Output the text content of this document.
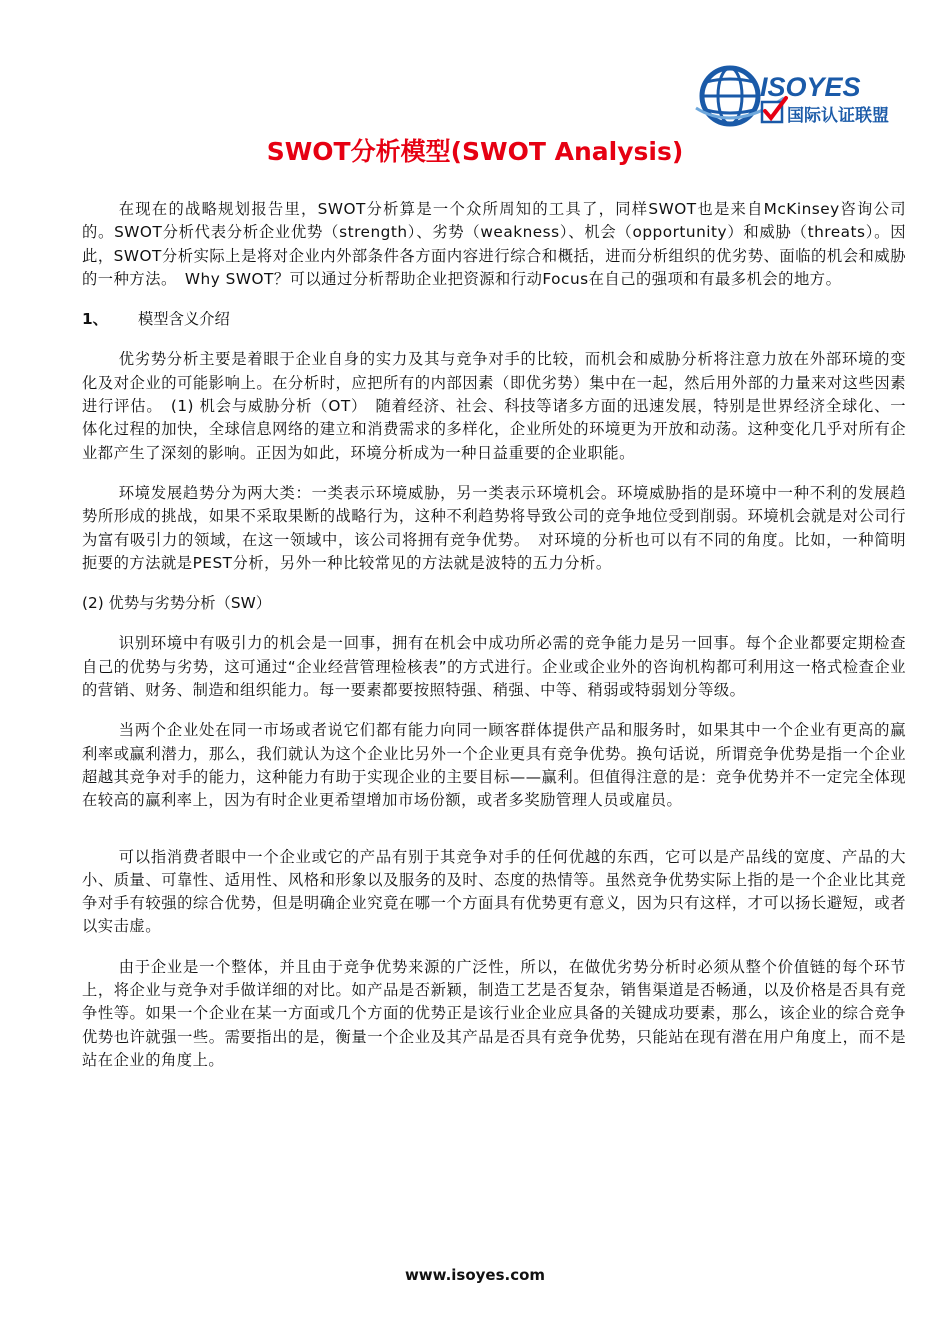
ISOYES
国际认证联盟
SWOT分析模型(SWOT Analysis)

在现在的战略规划报告里，SWOT分析算是一个众所周知的工具了，同样SWOT也是来自McKinsey咨询公司的。SWOT分析代表分析企业优势（strength）、劣势（weakness）、机会（opportunity）和威胁（threats）。因此，SWOT分析实际上是将对企业内外部条件各方面内容进行综合和概括，进而分析组织的优劣势、面临的机会和威胁的一种方法。　Why SWOT？可以通过分析帮助企业把资源和行动Focus在自己的强项和有最多机会的地方。

1、 模型含义介绍

优劣势分析主要是着眼于企业自身的实力及其与竞争对手的比较，而机会和威胁分析将注意力放在外部环境的变化及对企业的可能影响上。在分析时，应把所有的内部因素（即优劣势）集中在一起，然后用外部的力量来对这些因素进行评估。　(1) 机会与威胁分析（OT）　随着经济、社会、科技等诸多方面的迅速发展，特别是世界经济全球化、一体化过程的加快，全球信息网络的建立和消费需求的多样化，企业所处的环境更为开放和动荡。这种变化几乎对所有企业都产生了深刻的影响。正因为如此，环境分析成为一种日益重要的企业职能。

环境发展趋势分为两大类：一类表示环境威胁，另一类表示环境机会。环境威胁指的是环境中一种不利的发展趋势所形成的挑战，如果不采取果断的战略行为，这种不利趋势将导致公司的竞争地位受到削弱。环境机会就是对公司行为富有吸引力的领域，在这一领域中，该公司将拥有竞争优势。　对环境的分析也可以有不同的角度。比如，一种简明扼要的方法就是PEST分析，另外一种比较常见的方法就是波特的五力分析。

(2) 优势与劣势分析（SW）

识别环境中有吸引力的机会是一回事，拥有在机会中成功所必需的竞争能力是另一回事。每个企业都要定期检查自己的优势与劣势，这可通过“企业经营管理检核表”的方式进行。企业或企业外的咨询机构都可利用这一格式检查企业的营销、财务、制造和组织能力。每一要素都要按照特强、稍强、中等、稍弱或特弱划分等级。

当两个企业处在同一市场或者说它们都有能力向同一顾客群体提供产品和服务时，如果其中一个企业有更高的赢利率或赢利潜力，那么，我们就认为这个企业比另外一个企业更具有竞争优势。换句话说，所谓竞争优势是指一个企业超越其竞争对手的能力，这种能力有助于实现企业的主要目标——赢利。但值得注意的是：竞争优势并不一定完全体现在较高的赢利率上，因为有时企业更希望增加市场份额，或者多奖励管理人员或雇员。

可以指消费者眼中一个企业或它的产品有别于其竞争对手的任何优越的东西，它可以是产品线的宽度、产品的大小、质量、可靠性、适用性、风格和形象以及服务的及时、态度的热情等。虽然竞争优势实际上指的是一个企业比其竞争对手有较强的综合优势，但是明确企业究竟在哪一个方面具有优势更有意义，因为只有这样，才可以扬长避短，或者以实击虚。

由于企业是一个整体，并且由于竞争优势来源的广泛性，所以，在做优劣势分析时必须从整个价值链的每个环节上，将企业与竞争对手做详细的对比。如产品是否新颖，制造工艺是否复杂，销售渠道是否畅通，以及价格是否具有竞争性等。如果一个企业在某一方面或几个方面的优势正是该行业企业应具备的关键成功要素，那么，该企业的综合竞争优势也许就强一些。需要指出的是，衡量一个企业及其产品是否具有竞争优势，只能站在现有潜在用户角度上，而不是站在企业的角度上。

www.isoyes.com
